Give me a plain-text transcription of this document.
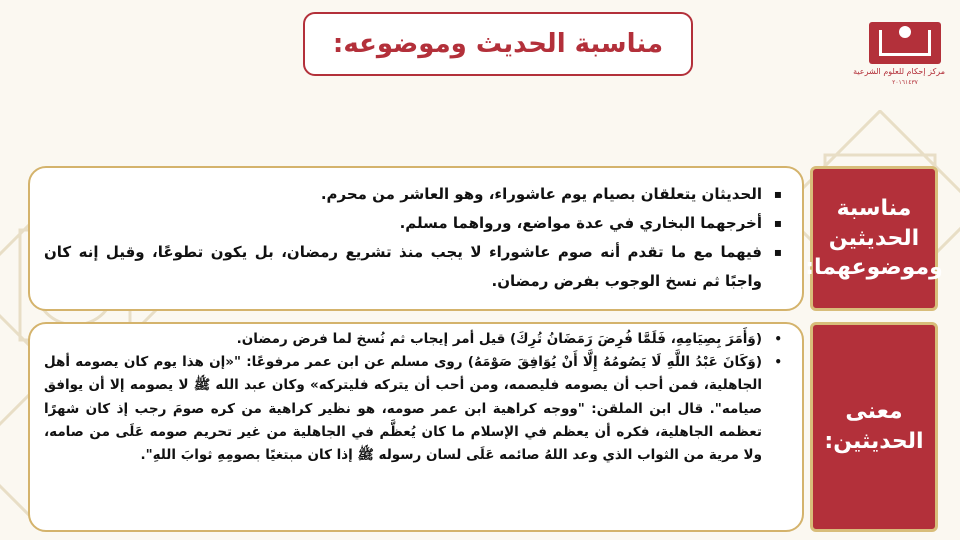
مناسبة الحديث وموضوعه:
مركز إحكام للعلوم الشرعية
٢٠١٦١٤٣٧
▪
الحديثان يتعلقان بصيام يوم عاشوراء، وهو العاشر من محرم.
▪
أخرجهما البخاري في عدة مواضع، ورواهما مسلم.
▪
فيهما مع ما تقدم أنه صوم عاشوراء لا يجب منذ تشريع رمضان، بل يكون تطوعًا، وقيل إنه كان واجبًا ثم نسخ الوجوب بفرض رمضان.
مناسبة الحديثين وموضوعهما:
•
(وَأَمَرَ بِصِيَامِهِ، فَلَمَّا فُرِضَ رَمَضَانُ تُرِكَ) قيل أمر إيجاب ثم نُسخ لما فرض رمضان.
•
(وَكَانَ عَبْدُ اللَّهِ لَا يَصُومُهُ إِلَّا أَنْ يُوَافِقَ صَوْمَهُ) روى مسلم عن ابن عمر مرفوعًا: "«إن هذا يوم كان يصومه أهل الجاهلية، فمن أحب أن يصومه فليصمه، ومن أحب أن يتركه فليتركه» وكان عبد الله ﷺ لا يصومه إلا أن يوافق صيامه". قال ابن الملقن: "ووجه كراهية ابن عمر صومه، هو نظير كراهية من كره صومَ رجب إذ كان شهرًا تعظمه الجاهلية، فكره أن يعظم في الإسلام ما كان يُعظَّم في الجاهلية من غير تحريم صومه عَلَى من صامه، ولا مرية من الثواب الذي وعد اللهُ صائمه عَلَى لسان رسوله ﷺ إذا كان مبتغيًا بصومِهِ ثوابَ اللهِ".
معنى الحديثين:
